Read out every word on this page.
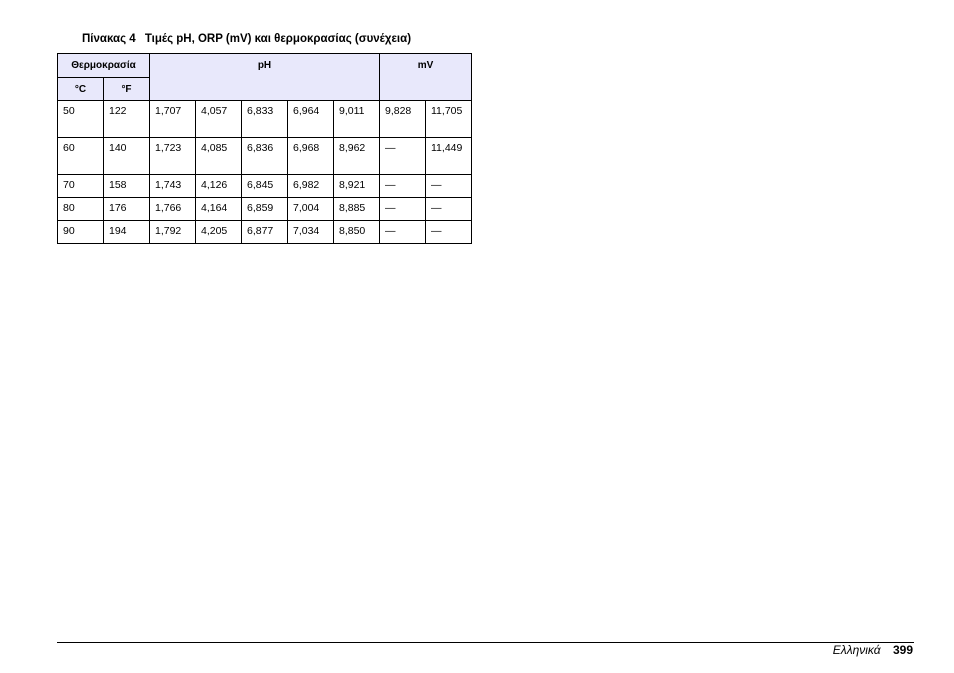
Πίνακας 4 Τιμές pH, ORP (mV) και θερμοκρασίας (συνέχεια)
Θερμοκρασία		pH					mV	
°C	°F							
50	122	1,707	4,057	6,833	6,964	9,011	9,828	11,705
60	140	1,723	4,085	6,836	6,968	8,962	—	11,449
70	158	1,743	4,126	6,845	6,982	8,921	—	—
80	176	1,766	4,164	6,859	7,004	8,885	—	—
90	194	1,792	4,205	6,877	7,034	8,850	—	—
Ελληνικά 399
